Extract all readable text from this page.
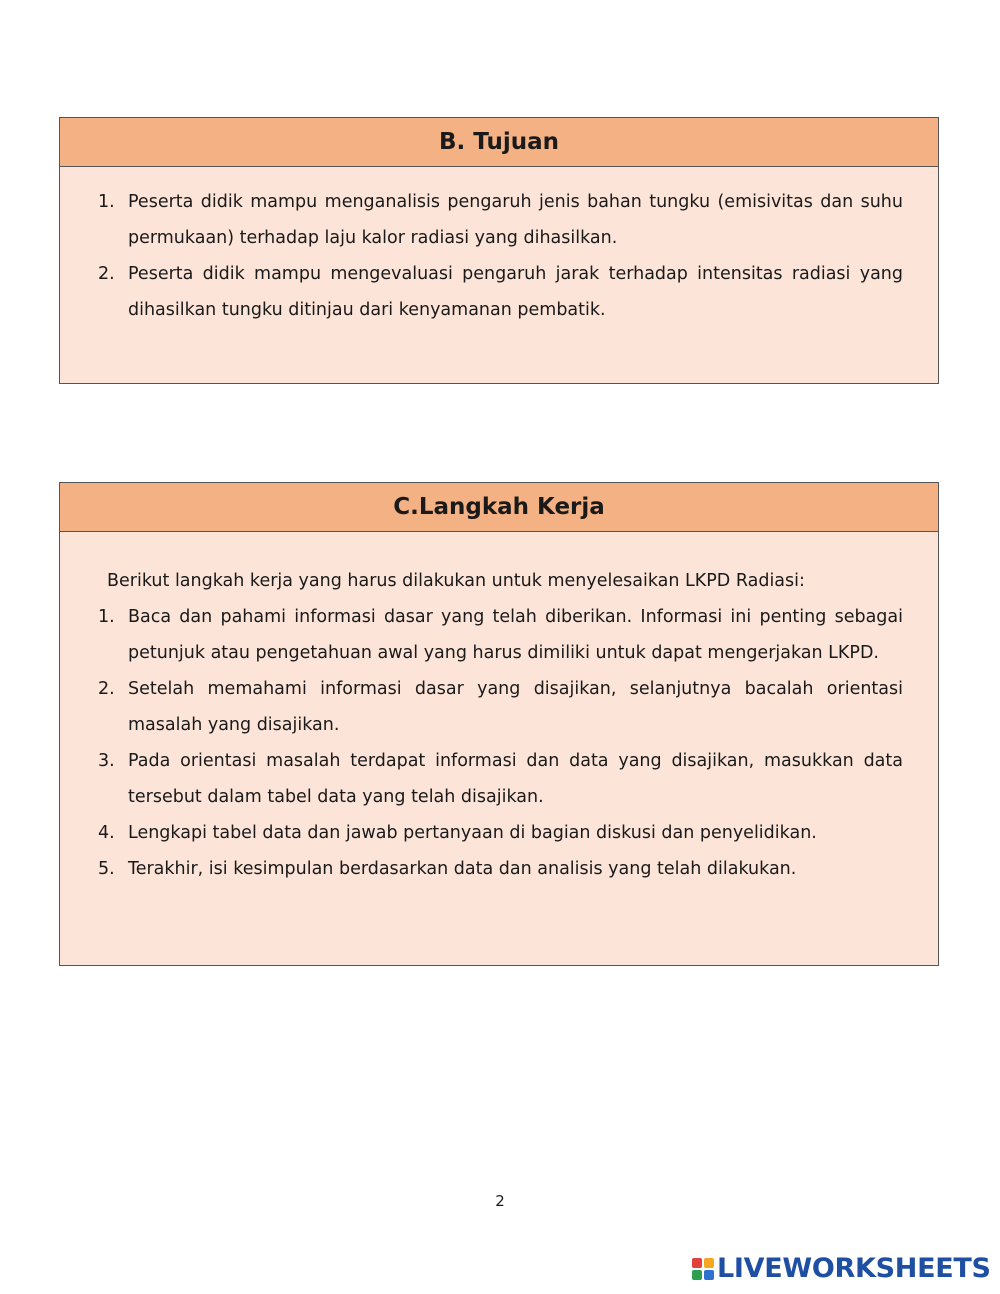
B. Tujuan
1. Peserta didik mampu menganalisis pengaruh jenis bahan tungku (emisivitas dan suhu permukaan) terhadap laju kalor radiasi yang dihasilkan.
2. Peserta didik mampu mengevaluasi pengaruh jarak terhadap intensitas radiasi yang dihasilkan tungku ditinjau dari kenyamanan pembatik.
C.Langkah Kerja

Berikut langkah kerja yang harus dilakukan untuk menyelesaikan LKPD Radiasi:

1. Baca dan pahami informasi dasar yang telah diberikan. Informasi ini penting sebagai petunjuk atau pengetahuan awal yang harus dimiliki untuk dapat mengerjakan LKPD.
2. Setelah memahami informasi dasar yang disajikan, selanjutnya bacalah orientasi masalah yang disajikan.
3. Pada orientasi masalah terdapat informasi dan data yang disajikan, masukkan data tersebut dalam tabel data yang telah disajikan.
4. Lengkapi tabel data dan jawab pertanyaan di bagian diskusi dan penyelidikan.
5. Terakhir, isi kesimpulan berdasarkan data dan analisis yang telah dilakukan.
2
LIVEWORKSHEETS
